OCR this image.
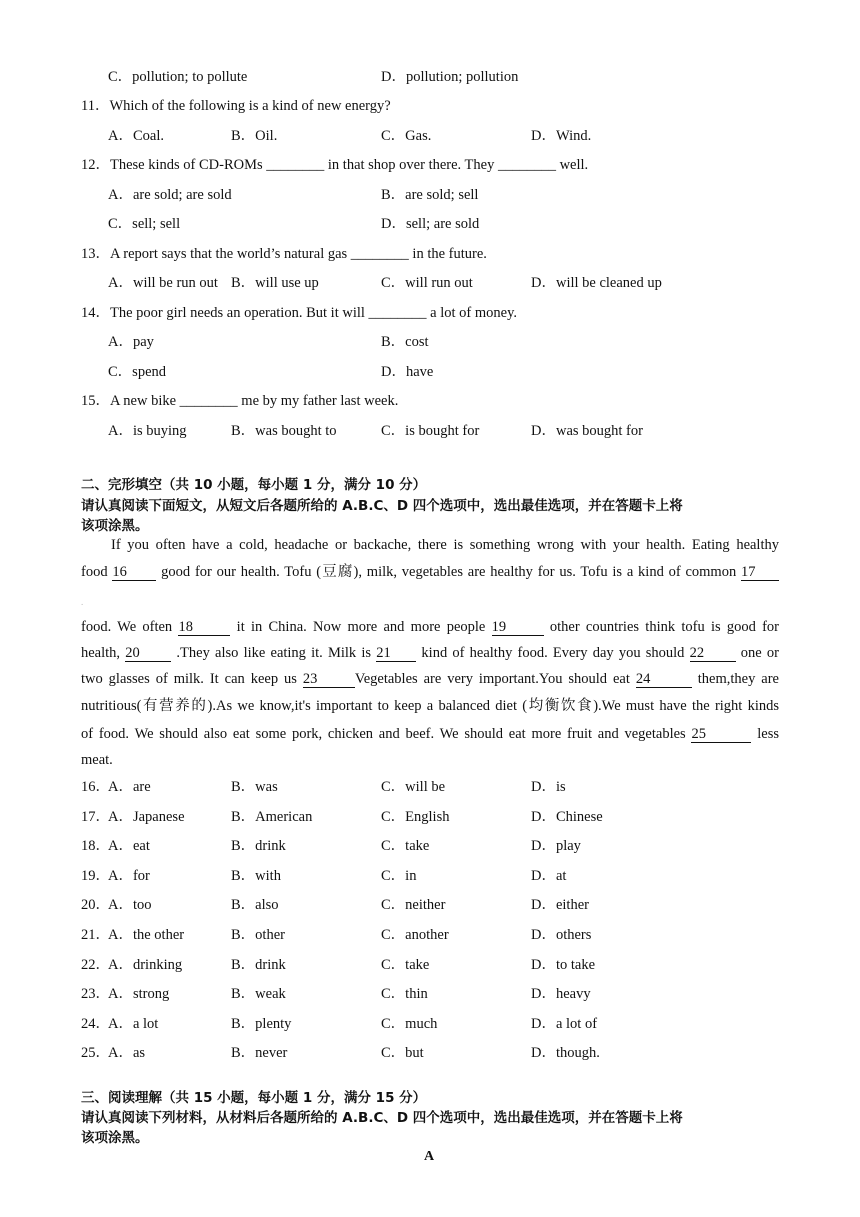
C．pollution; to pollute	D．pollution; pollution
11．Which of the following is a kind of new energy?
A．Coal.	B．Oil.	C．Gas.	D．Wind.
12．These kinds of CD-ROMs ________ in that shop over there. They ________ well.
A．are sold; are sold	B．are sold; sell
C．sell; sell	D．sell; are sold
13．A report says that the world’s natural gas ________ in the future.
A．will be run out B．will use up	C．will run out	D．will be cleaned up
14．The poor girl needs an operation. But it will ________ a lot of money.
A．pay	B．cost
C．spend	D．have
15．A new bike ________ me by my father last week.
A．is buying	B．was bought to	C．is bought for	D．was bought for
二、完形填空（共 10 小题，每小题 1 分，满分 10 分）
请认真阅读下面短文，从短文后各题所给的 A.B.C、D 四个选项中，选出最佳选项，并在答题卡上将
该项涂黑。
If you often have a cold, headache or backache, there is something wrong with your health. Eating healthy
food 16 good for our health. Tofu (豆腐), milk, vegetables are healthy for us. Tofu is a kind of common 17
.
food. We often 18	it in China. Now more and more people 19	other countries think tofu is good for
health, 20 .They also like eating it. Milk is 21 kind of healthy food. Every day you should 22 one or
two glasses of milk. It can keep us 23	Vegetables are very important.You should eat 24	them,they are
nutritious(有营养的).As we know,it's important to keep a balanced diet (均衡饮食).We must have the right kinds
of food. We should also eat some pork, chicken and beef. We should eat more fruit and vegetables 25	less
meat.
16．
A．are	B．was	C．will be	D．is
17．
A．Japanese	B．American	C．English	D．Chinese
18．
A．eat	B．drink	C．take	D．play
19．
A．for	B．with	C．in	D．at
20．
A．too	B．also	C．neither	D．either
21．
A．the other	B．other	C．another	D．others
22．
A．drinking	B．drink	C．take	D．to take
23．
A．strong	B．weak	C．thin	D．heavy
24．
A．a lot	B．plenty	C．much	D．a lot of
25．
A．as	B．never	C．but	D．though.
三、阅读理解（共 15 小题，每小题 1 分，满分 15 分）
请认真阅读下列材料，从材料后各题所给的 A.B.C、D 四个选项中，选出最佳选项，并在答题卡上将
该项涂黑。
A
